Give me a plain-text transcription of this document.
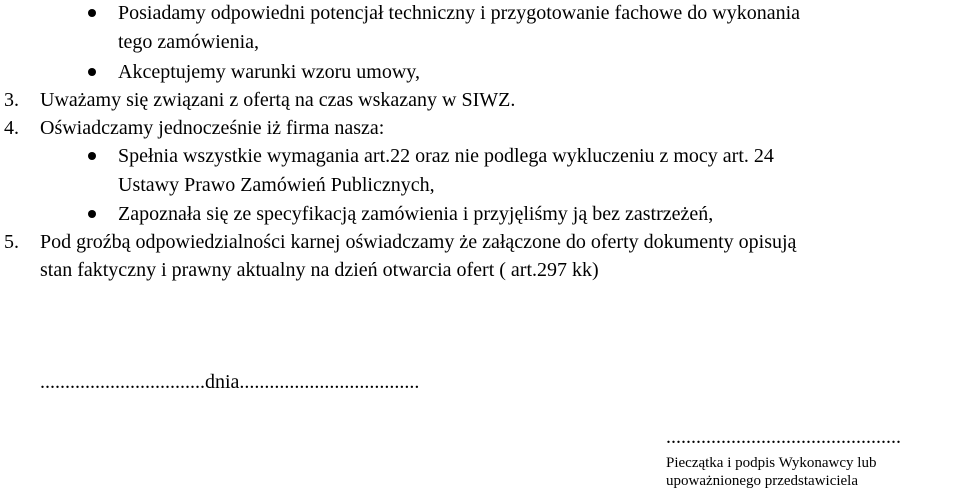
Posiadamy odpowiedni potencjał techniczny i przygotowanie fachowe do wykonania
tego zamówienia,
Akceptujemy warunki wzoru umowy,
3. Uważamy się związani z ofertą na czas wskazany w SIWZ.
4. Oświadczamy jednocześnie iż firma nasza:
Spełnia wszystkie wymagania art.22 oraz nie podlega wykluczeniu z mocy art. 24
Ustawy Prawo Zamówień Publicznych,
Zapoznała się ze specyfikacją zamówienia i przyjęliśmy ją bez zastrzeżeń,
5. Pod groźbą odpowiedzialności karnej oświadczamy że załączone do oferty dokumenty opisują
stan faktyczny i prawny aktualny na dzień otwarcia ofert ( art.297 kk)
.................................dnia....................................
...............................................
Pieczątka i podpis Wykonawcy lub
upoważnionego przedstawiciela
